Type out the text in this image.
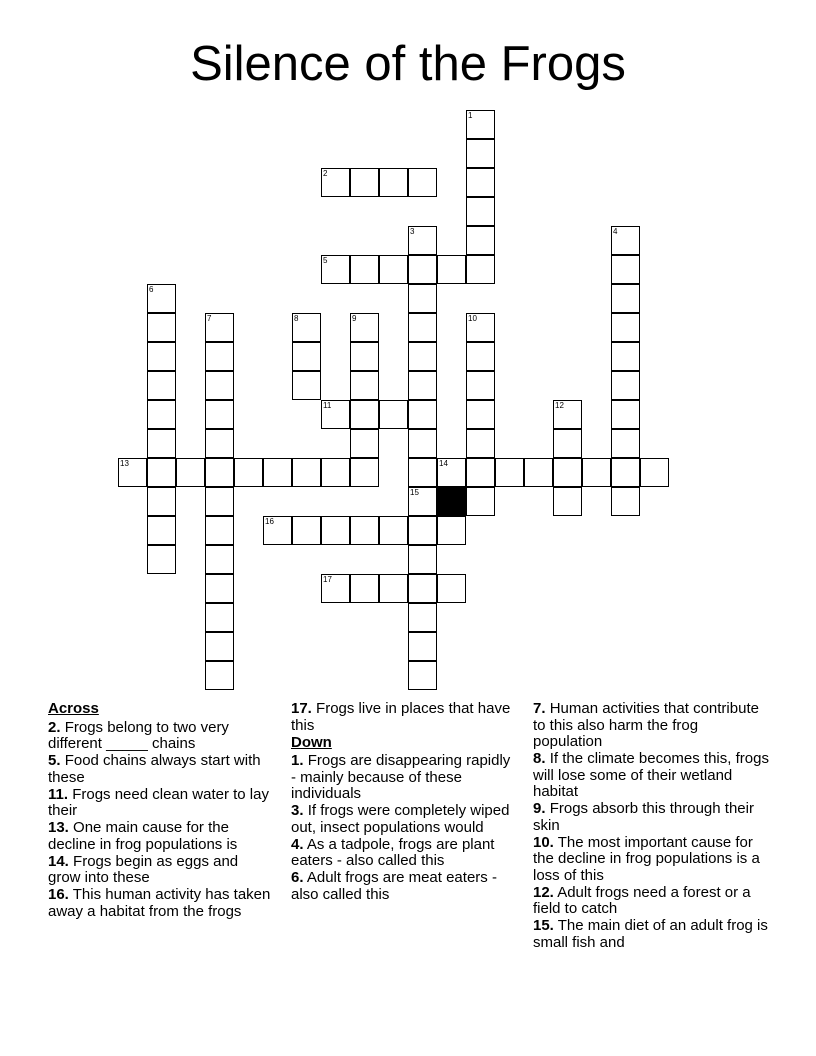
Silence of the Frogs
1
2
3
15
4
5
6
7	8	9	10
11	12
13	14
16
17
Across
2. Frogs belong to two very different _____ chains
5. Food chains always start with these
11. Frogs need clean water to lay their
13. One main cause for the decline in frog populations is
14. Frogs begin as eggs and grow into these
16. This human activity has taken away a habitat from the frogs
17. Frogs live in places that have this
Down
1. Frogs are disappearing rapidly - mainly because of these individuals
3. If frogs were completely wiped out, insect populations would
4. As a tadpole, frogs are plant eaters - also called this
6. Adult frogs are meat eaters - also called this
7. Human activities that contribute to this also harm the frog population
8. If the climate becomes this, frogs will lose some of their wetland habitat
9. Frogs absorb this through their skin
10. The most important cause for the decline in frog populations is a loss of this
12. Adult frogs need a forest or a field to catch
15. The main diet of an adult frog is small fish and
